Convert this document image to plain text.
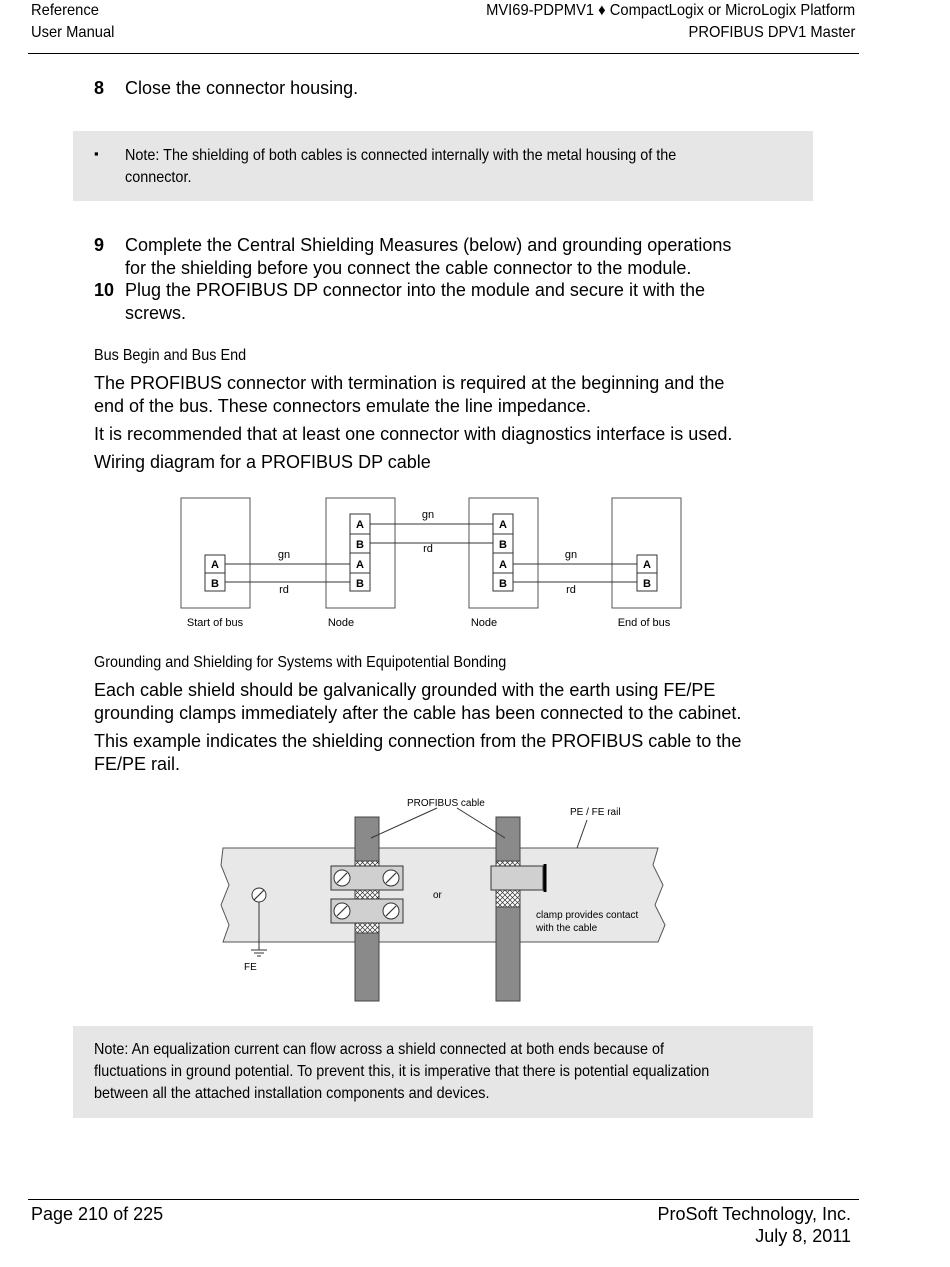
Reference
User Manual
MVI69-PDPMV1 ♦ CompactLogix or MicroLogix Platform
PROFIBUS DPV1 Master
8 Close the connector housing.
▪ Note: The shielding of both cables is connected internally with the metal housing of the
connector.
9 Complete the Central Shielding Measures (below) and grounding operations
for the shielding before you connect the cable connector to the module.
10 Plug the PROFIBUS DP connector into the module and secure it with the
screws.
Bus Begin and Bus End
The PROFIBUS connector with termination is required at the beginning and the
end of the bus. These connectors emulate the line impedance.
It is recommended that at least one connector with diagnostics interface is used.
Wiring diagram for a PROFIBUS DP cable
A
B
A
B
A
B
A
B
A
B
A
B
gn
rd
gn
rd	gn
rd
Start of bus	Node	Node	End of bus
Grounding and Shielding for Systems with Equipotential Bonding
Each cable shield should be galvanically grounded with the earth using FE/PE
grounding clamps immediately after the cable has been connected to the cabinet.
This example indicates the shielding connection from the PROFIBUS cable to the
FE/PE rail.
PROFIBUS cable
PE / FE rail
or
clamp provides contact
with the cable
FE
Note: An equalization current can flow across a shield connected at both ends because of
fluctuations in ground potential. To prevent this, it is imperative that there is potential equalization
between all the attached installation components and devices.
Page 210 of 225	ProSoft Technology, Inc.
July 8, 2011
